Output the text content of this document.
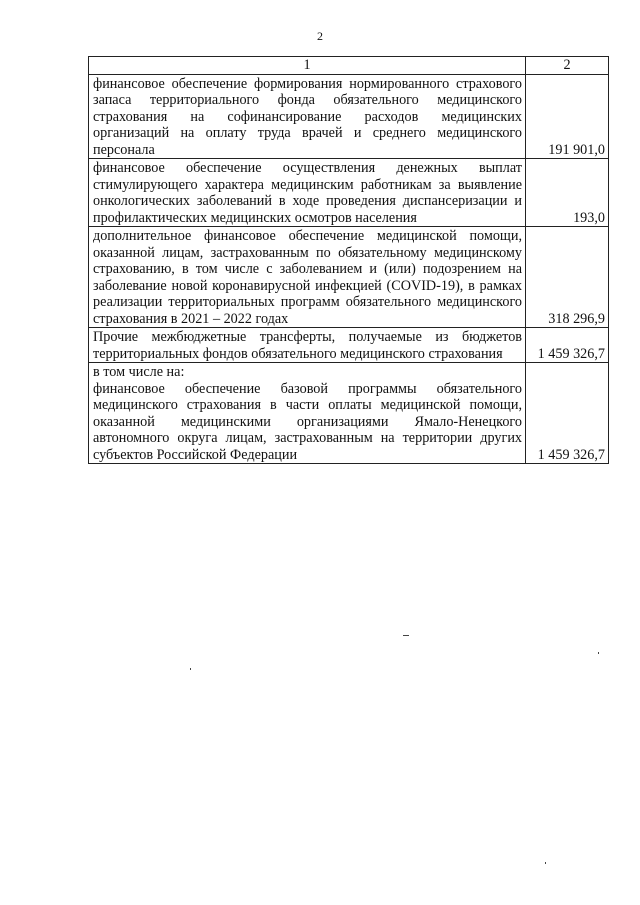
2
1	2
финансовое обеспечение формирования нормированного страхового запаса территориального фонда обязательного медицинского страхования на софинансирование расходов медицинских организаций на оплату труда врачей и среднего медицинского персонала	191 901,0
финансовое обеспечение осуществления денежных выплат стимулирующего характера медицинским работникам за выявление онкологических заболеваний в ходе проведения диспансеризации и профилактических медицинских осмотров населения	193,0
дополнительное финансовое обеспечение медицинской помощи, оказанной лицам, застрахованным по обязательному медицинскому страхованию, в том числе с заболеванием и (или) подозрением на заболевание новой коронавирусной инфекцией (COVID-19), в рамках реализации территориальных программ обязательного медицинского страхования в 2021 – 2022 годах	318 296,9
Прочие межбюджетные трансферты, получаемые из бюджетов территориальных фондов обязательного медицинского страхования	1 459 326,7

в том числе на:
финансовое обеспечение базовой программы обязательного медицинского страхования в части оплаты медицинской помощи, оказанной медицинскими организациями Ямало-Ненецкого автономного округа лицам, застрахованным на территории других субъектов Российской Федерации	1 459 326,7
